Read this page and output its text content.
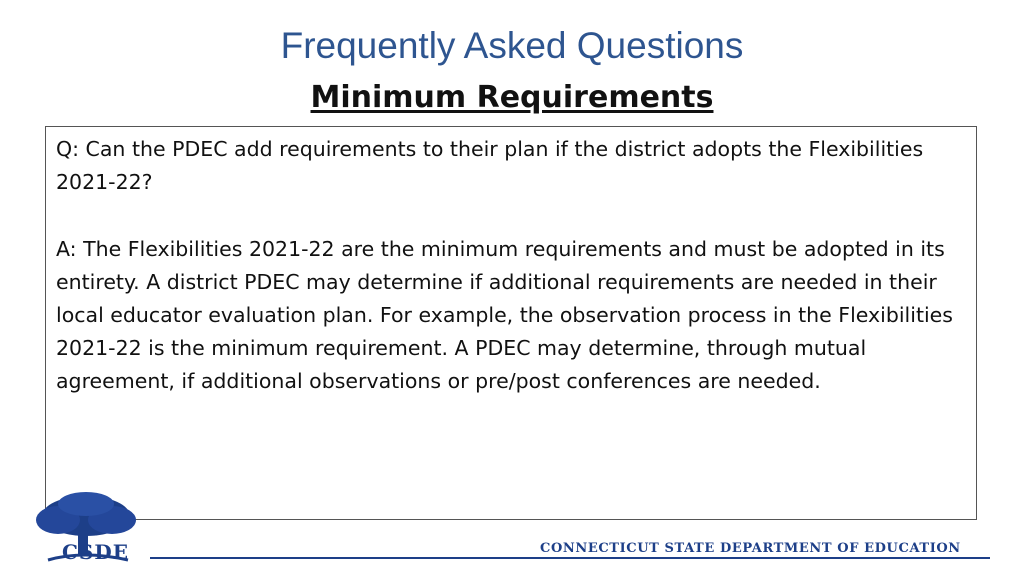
Frequently Asked Questions
Minimum Requirements

Q: Can the PDEC add requirements to their plan if the district adopts the Flexibilities 2021-22?

A: The Flexibilities 2021-22 are the minimum requirements and must be adopted in its entirety. A district PDEC may determine if additional requirements are needed in their local educator evaluation plan. For example, the observation process in the Flexibilities 2021-22 is the minimum requirement. A PDEC may determine, through mutual agreement, if additional observations or pre/post conferences are needed.

CSDE	CONNECTICUT STATE DEPARTMENT OF EDUCATION
